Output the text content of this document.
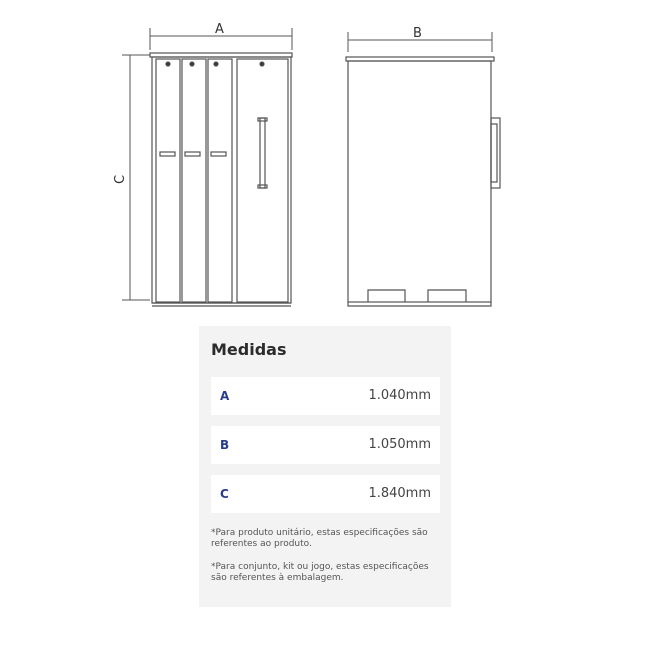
A
C
B
Medidas
A	1.040mm
B	1.050mm
C	1.840mm
*Para produto unitário, estas especificações são referentes ao produto.
*Para conjunto, kit ou jogo, estas especificações são referentes à embalagem.
